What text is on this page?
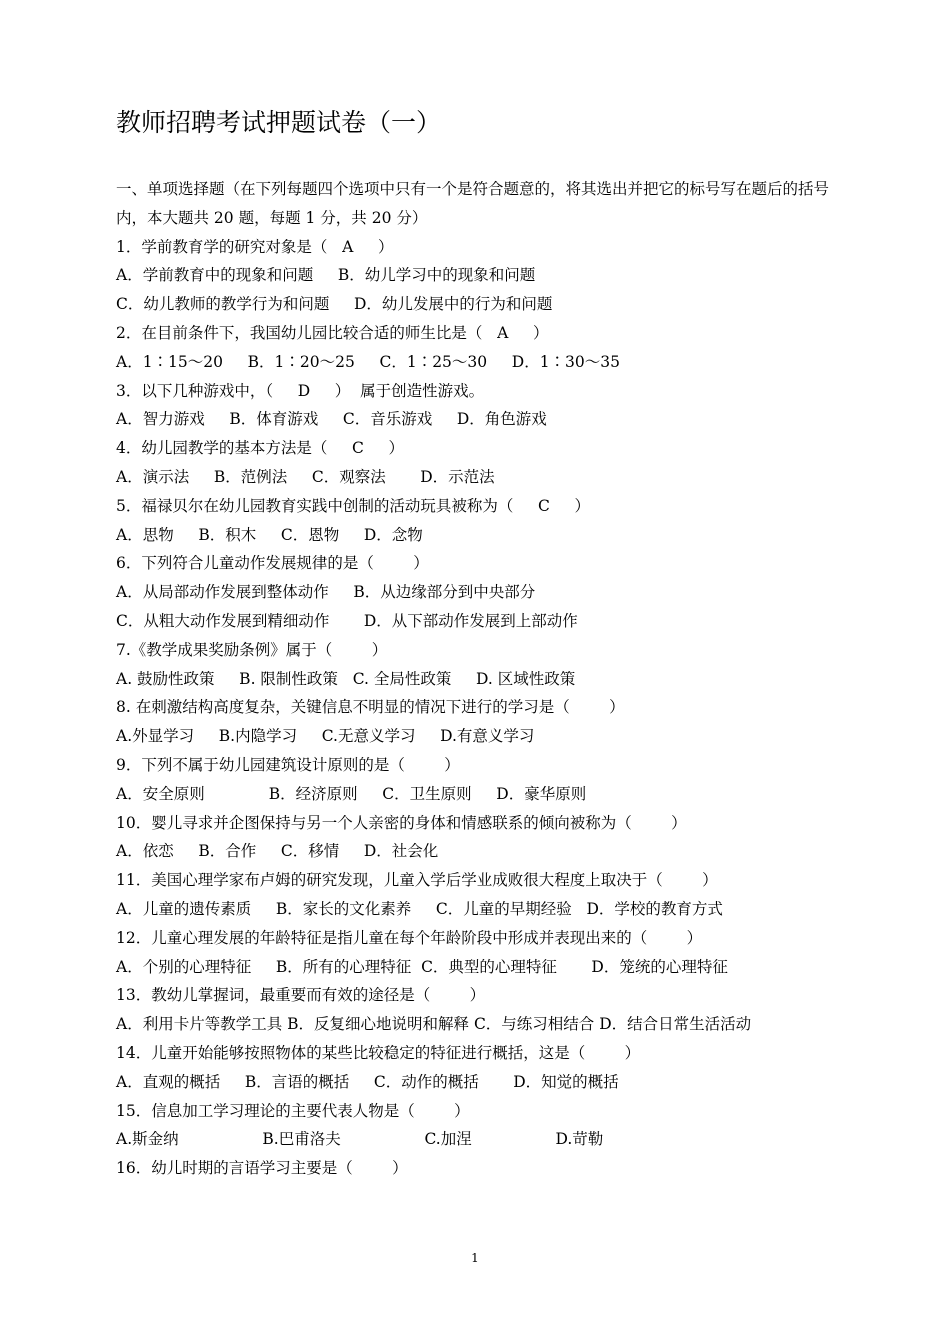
教师招聘考试押题试卷（一）
一、单项选择题（在下列每题四个选项中只有一个是符合题意的，将其选出并把它的标号写在题后的括号内，本大题共 20 题，每题 1 分，共 20 分）
1．学前教育学的研究对象是（   A     ）
A．学前教育中的现象和问题     B．幼儿学习中的现象和问题
C．幼儿教师的教学行为和问题     D．幼儿发展中的行为和问题
2．在目前条件下，我国幼儿园比较合适的师生比是（   A     ）
A．1∶15～20     B．1∶20～25     C．1∶25～30     D．1∶30～35
3．以下几种游戏中，（     D     ）  属于创造性游戏。
A．智力游戏     B．体育游戏     C．音乐游戏     D．角色游戏
4．幼儿园教学的基本方法是（     C     ）
A．演示法     B．范例法     C．观察法       D．示范法
5．福禄贝尔在幼儿园教育实践中创制的活动玩具被称为（     C     ）
A．思物     B．积木     C．恩物     D．念物
6．下列符合儿童动作发展规律的是（        ）
A．从局部动作发展到整体动作     B．从边缘部分到中央部分
C．从粗大动作发展到精细动作       D．从下部动作发展到上部动作
7.《教学成果奖励条例》属于（        ）
A. 鼓励性政策     B. 限制性政策   C. 全局性政策     D. 区域性政策
8. 在刺激结构高度复杂，关键信息不明显的情况下进行的学习是（        ）
A.外显学习     B.内隐学习     C.无意义学习     D.有意义学习
9．下列不属于幼儿园建筑设计原则的是（        ）
A．安全原则             B．经济原则     C．卫生原则     D．豪华原则
10．婴儿寻求并企图保持与另一个人亲密的身体和情感联系的倾向被称为（        ）
A．依恋     B．合作     C．移情     D．社会化
11．美国心理学家布卢姆的研究发现，儿童入学后学业成败很大程度上取决于（        ）
A．儿童的遗传素质     B．家长的文化素养     C．儿童的早期经验   D．学校的教育方式
12．儿童心理发展的年龄特征是指儿童在每个年龄阶段中形成并表现出来的（        ）
A．个别的心理特征     B．所有的心理特征  C．典型的心理特征       D．笼统的心理特征
13．教幼儿掌握词，最重要而有效的途径是（        ）
A．利用卡片等教学工具 B．反复细心地说明和解释 C．与练习相结合 D．结合日常生活活动
14．儿童开始能够按照物体的某些比较稳定的特征进行概括，这是（        ）
A．直观的概括     B．言语的概括     C．动作的概括       D．知觉的概括
15．信息加工学习理论的主要代表人物是（        ）
A.斯金纳                 B.巴甫洛夫                 C.加涅                 D.苛勒
16．幼儿时期的言语学习主要是（        ）
1
